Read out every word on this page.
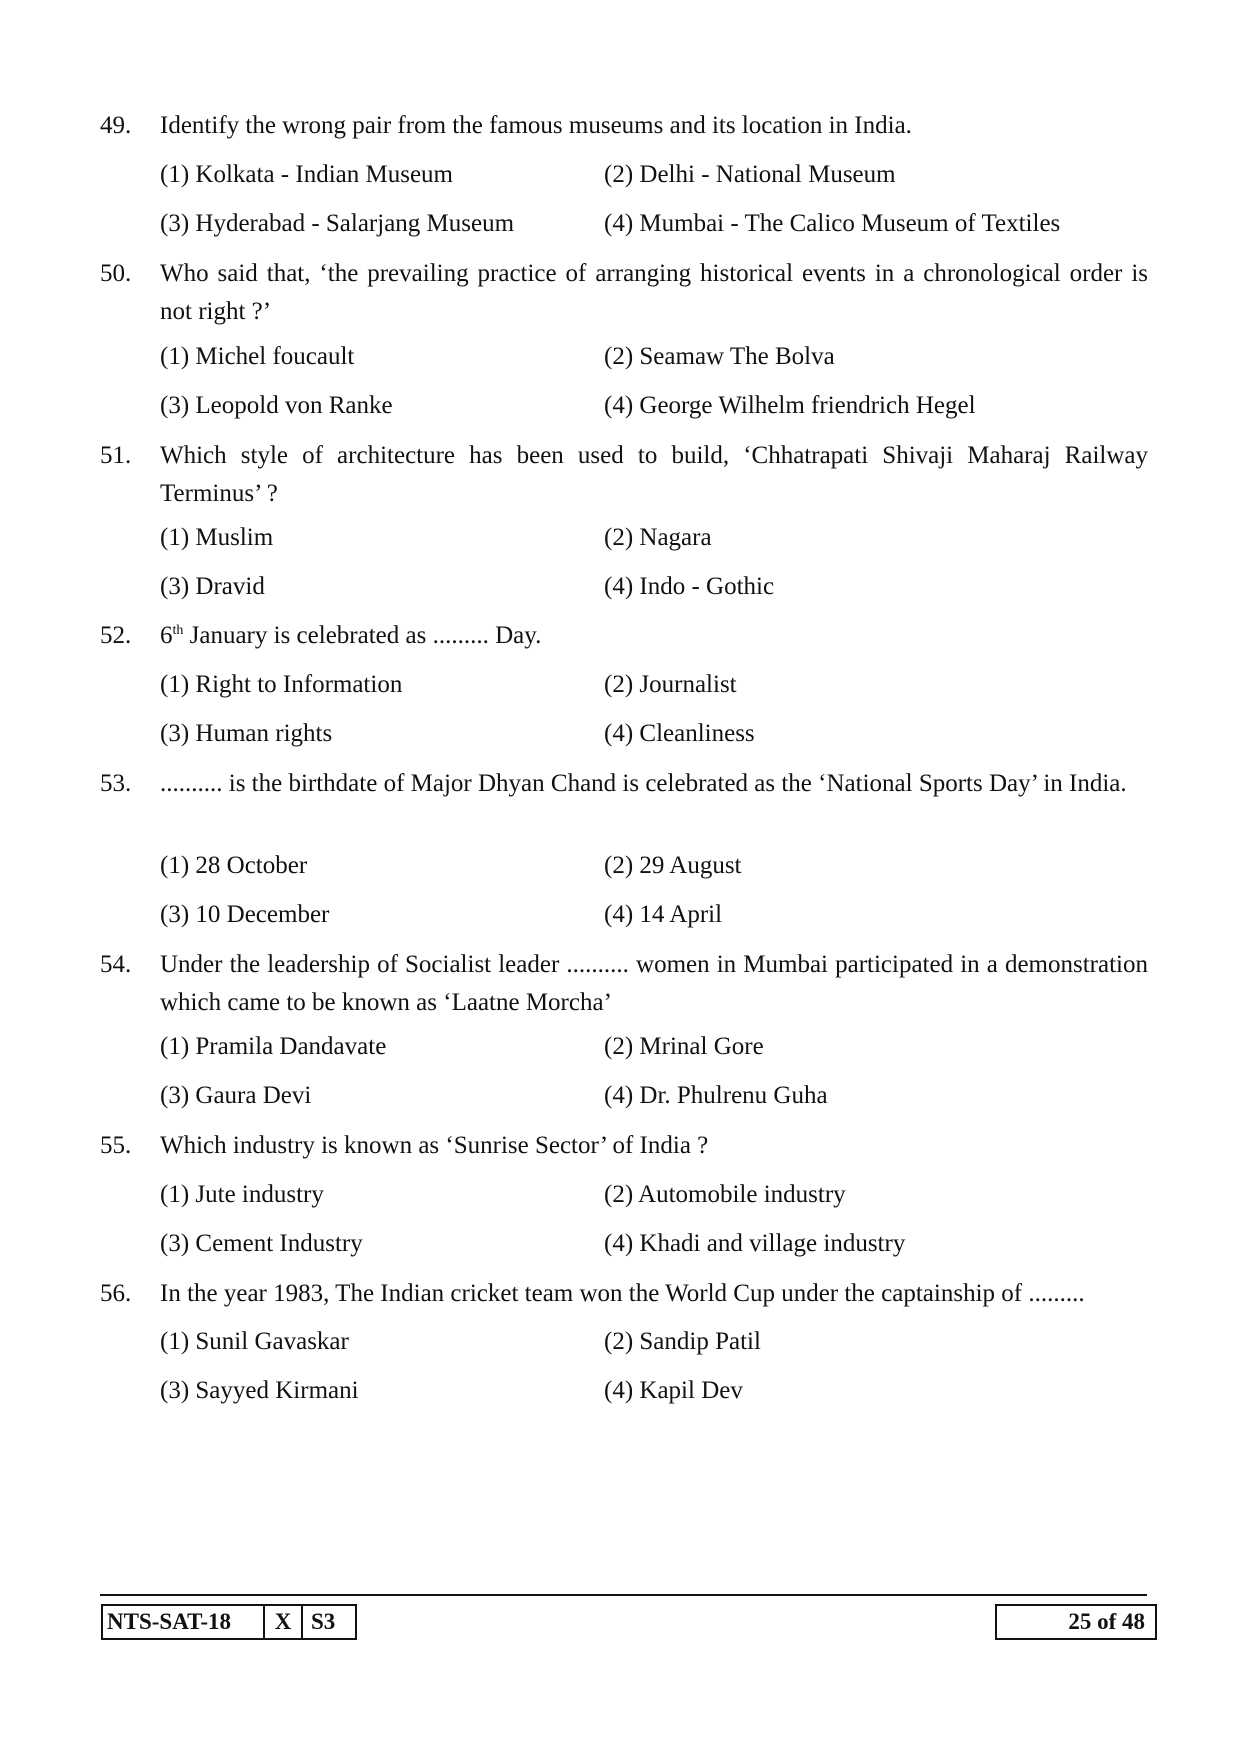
49.	Identify the wrong pair from the famous museums and its location in India.
(1) Kolkata - Indian Museum	(2) Delhi - National Museum
(3) Hyderabad - Salarjang Museum	(4) Mumbai - The Calico Museum of Textiles
50.	Who said that, ‘the prevailing practice of arranging historical events in a chronological order is not right ?’
(1) Michel foucault	(2) Seamaw The Bolva
(3) Leopold von Ranke	(4) George Wilhelm friendrich Hegel
51.	Which style of architecture has been used to build, ‘Chhatrapati Shivaji Maharaj Railway Terminus’ ?
(1) Muslim	(2) Nagara
(3) Dravid	(4) Indo - Gothic
52.	6th January is celebrated as ......... Day.
(1) Right to Information	(2) Journalist
(3) Human rights	(4) Cleanliness
53.	.......... is the birthdate of Major Dhyan Chand is celebrated as the ‘National Sports Day’ in India.
(1) 28 October	(2) 29 August
(3) 10 December	(4) 14 April
54.	Under the leadership of Socialist leader .......... women in Mumbai participated in a demonstration which came to be known as ‘Laatne Morcha’
(1) Pramila Dandavate	(2) Mrinal Gore
(3) Gaura Devi	(4) Dr. Phulrenu Guha
55.	Which industry is known as ‘Sunrise Sector’ of India ?
(1) Jute industry	(2) Automobile industry
(3) Cement Industry	(4) Khadi and village industry
56.	In the year 1983, The Indian cricket team won the World Cup under the captainship of .........
(1) Sunil Gavaskar	(2) Sandip Patil
(3) Sayyed Kirmani	(4) Kapil Dev
NTS-SAT-18	X S3	25 of 48
